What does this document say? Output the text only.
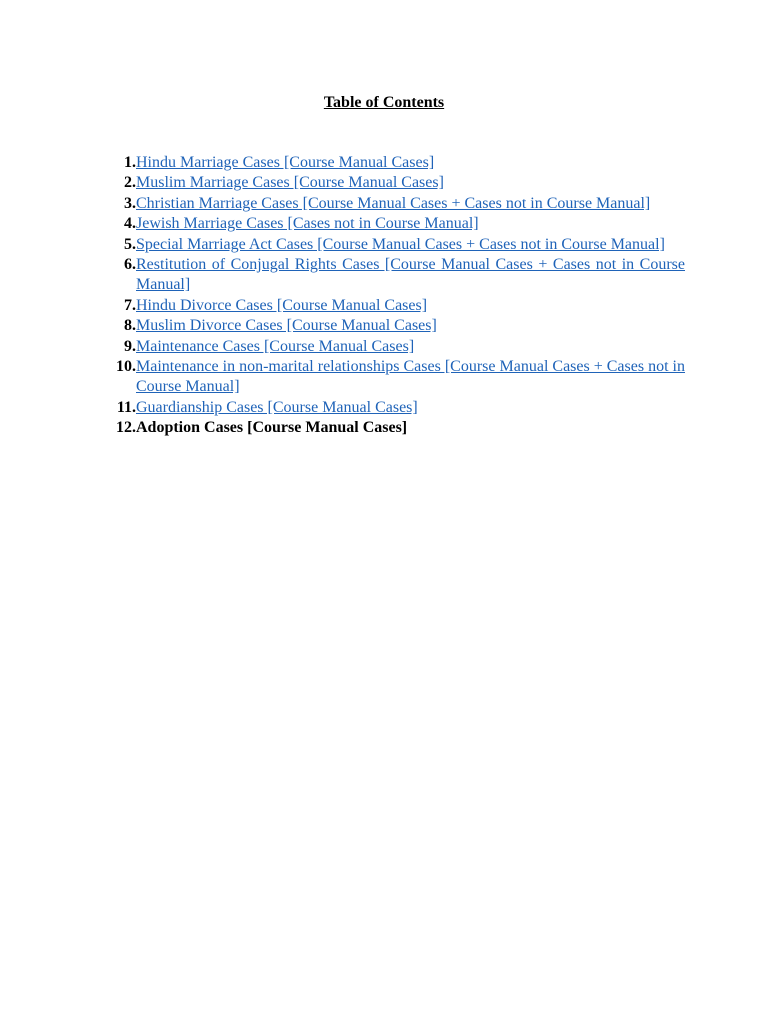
Table of Contents
1. Hindu Marriage Cases [Course Manual Cases]
2. Muslim Marriage Cases [Course Manual Cases]
3. Christian Marriage Cases [Course Manual Cases + Cases not in Course Manual]
4. Jewish Marriage Cases [Cases not in Course Manual]
5. Special Marriage Act Cases [Course Manual Cases + Cases not in Course Manual]
6. Restitution of Conjugal Rights Cases [Course Manual Cases + Cases not in Course Manual]
7. Hindu Divorce Cases [Course Manual Cases]
8. Muslim Divorce Cases [Course Manual Cases]
9. Maintenance Cases [Course Manual Cases]
10. Maintenance in non-marital relationships Cases [Course Manual Cases + Cases not in Course Manual]
11. Guardianship Cases [Course Manual Cases]
12. Adoption Cases [Course Manual Cases]
